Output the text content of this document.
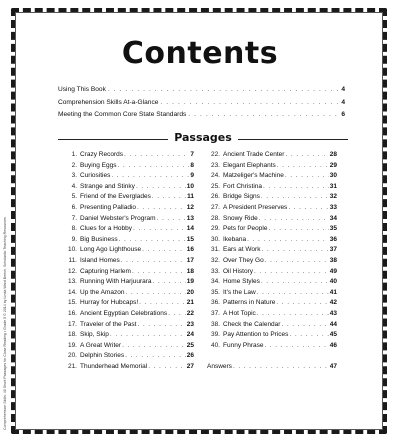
Comprehension Skills: 40 Short Passages for Close Reading • Grade 5 © 2014 by Linda Ward Beech, Scholastic Teaching Resources
Contents
Using This Book . . .	4
Comprehension Skills At-a-Glance . . .	4
Meeting the Common Core State Standards . . .	6
Passages
1. Crazy Records . . .	7
2. Buying Eggs . . .	8
3. Curiosities . . .	9
4. Strange and Stinky . . .	10
5. Friend of the Everglades . . .	11
6. Presenting Palladio . . .	12
7. Daniel Webster's Program . . .	13
8. Clues for a Hobby . . .	14
9. Big Business . . .	15
10. Long Ago Lighthouse . . .	16
11. Island Homes . . .	17
12. Capturing Harlem . . .	18
13. Running With Harjuurara . . .	19
14. Up the Amazon . . .	20
15. Hurray for Hubcaps! . . .	21
16. Ancient Egyptian Celebrations . . .	22
17. Traveler of the Past . . .	23
18. Skip, Skip . . .	24
19. A Great Writer . . .	25
20. Delphin Stories . . .	26
21. Thunderhead Memorial . . .	27
22. Ancient Trade Center . . .	28
23. Elegant Elephants . . .	29
24. Matzeliger's Machine . . .	30
25. Fort Christina . . .	31
26. Bridge Signs . . .	32
27. A President Preserves . . .	33
28. Snowy Ride . . .	34
29. Pets for People . . .	35
30. Ikebana . . .	36
31. Ears at Work . . .	37
32. Over They Go . . .	38
33. Oil History . . .	49
34. Home Styles . . .	40
35. It's the Law . . .	41
36. Patterns in Nature . . .	42
37. A Hot Topic . . .	43
38. Check the Calendar . . .	44
39. Pay Attention to Prices . . .	45
40. Funny Phrase . . .	46
Answers . . .	47
